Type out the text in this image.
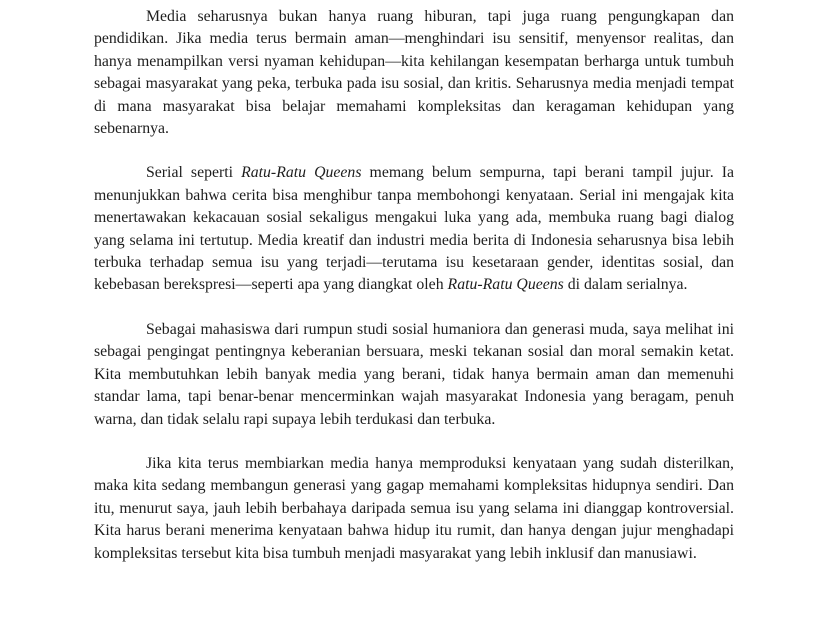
Media seharusnya bukan hanya ruang hiburan, tapi juga ruang pengungkapan dan pendidikan. Jika media terus bermain aman—menghindari isu sensitif, menyensor realitas, dan hanya menampilkan versi nyaman kehidupan—kita kehilangan kesempatan berharga untuk tumbuh sebagai masyarakat yang peka, terbuka pada isu sosial, dan kritis. Seharusnya media menjadi tempat di mana masyarakat bisa belajar memahami kompleksitas dan keragaman kehidupan yang sebenarnya.

Serial seperti Ratu-Ratu Queens memang belum sempurna, tapi berani tampil jujur. Ia menunjukkan bahwa cerita bisa menghibur tanpa membohongi kenyataan. Serial ini mengajak kita menertawakan kekacauan sosial sekaligus mengakui luka yang ada, membuka ruang bagi dialog yang selama ini tertutup. Media kreatif dan industri media berita di Indonesia seharusnya bisa lebih terbuka terhadap semua isu yang terjadi—terutama isu kesetaraan gender, identitas sosial, dan kebebasan berekspresi—seperti apa yang diangkat oleh Ratu-Ratu Queens di dalam serialnya.

Sebagai mahasiswa dari rumpun studi sosial humaniora dan generasi muda, saya melihat ini sebagai pengingat pentingnya keberanian bersuara, meski tekanan sosial dan moral semakin ketat. Kita membutuhkan lebih banyak media yang berani, tidak hanya bermain aman dan memenuhi standar lama, tapi benar-benar mencerminkan wajah masyarakat Indonesia yang beragam, penuh warna, dan tidak selalu rapi supaya lebih terdukasi dan terbuka.

Jika kita terus membiarkan media hanya memproduksi kenyataan yang sudah disterilkan, maka kita sedang membangun generasi yang gagap memahami kompleksitas hidupnya sendiri. Dan itu, menurut saya, jauh lebih berbahaya daripada semua isu yang selama ini dianggap kontroversial. Kita harus berani menerima kenyataan bahwa hidup itu rumit, dan hanya dengan jujur menghadapi kompleksitas tersebut kita bisa tumbuh menjadi masyarakat yang lebih inklusif dan manusiawi.
